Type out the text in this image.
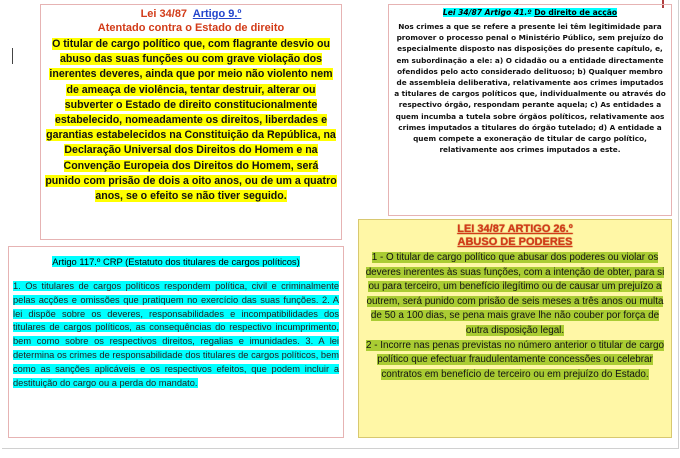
Lei 34/87 Artigo 9.º
Atentado contra o Estado de direito
O titular de cargo político que, com flagrante desvio ou abuso das suas funções ou com grave violação dos inerentes deveres, ainda que por meio não violento nem de ameaça de violência, tentar destruir, alterar ou subverter o Estado de direito constitucionalmente estabelecido, nomeadamente os direitos, liberdades e garantias estabelecidos na Constituição da República, na Declaração Universal dos Direitos do Homem e na Convenção Europeia dos Direitos do Homem, será punido com prisão de dois a oito anos, ou de um a quatro anos, se o efeito se não tiver seguido.
Lei 34/87 Artigo 41.º Do direito de acção
Nos crimes a que se refere a presente lei têm legitimidade para promover o processo penal o Ministério Público, sem prejuízo do especialmente disposto nas disposições do presente capítulo, e, em subordinação a ele: a) O cidadão ou a entidade directamente ofendidos pelo acto considerado delituoso; b) Qualquer membro de assembleia deliberativa, relativamente aos crimes imputados a titulares de cargos políticos que, individualmente ou através do respectivo órgão, respondam perante aquela; c) As entidades a quem incumba a tutela sobre órgãos políticos, relativamente aos crimes imputados a titulares do órgão tutelado; d) A entidade a quem compete a exoneração de titular de cargo político, relativamente aos crimes imputados a este.
Artigo 117.º CRP (Estatuto dos titulares de cargos políticos)
1. Os titulares de cargos políticos respondem política, civil e criminalmente pelas acções e omissões que pratiquem no exercício das suas funções. 2. A lei dispõe sobre os deveres, responsabilidades e incompatibilidades dos titulares de cargos políticos, as consequências do respectivo incumprimento, bem como sobre os respectivos direitos, regalias e imunidades. 3. A lei determina os crimes de responsabilidade dos titulares de cargos políticos, bem como as sanções aplicáveis e os respectivos efeitos, que podem incluir a destituição do cargo ou a perda do mandato.
LEI 34/87 ARTIGO 26.º
ABUSO DE PODERES
1 - O titular de cargo político que abusar dos poderes ou violar os deveres inerentes às suas funções, com a intenção de obter, para si ou para terceiro, um benefício ilegítimo ou de causar um prejuízo a outrem, será punido com prisão de seis meses a três anos ou multa de 50 a 100 dias, se pena mais grave lhe não couber por força de outra disposição legal.
2 - Incorre nas penas previstas no número anterior o titular de cargo político que efectuar fraudulentamente concessões ou celebrar contratos em benefício de terceiro ou em prejuízo do Estado.
